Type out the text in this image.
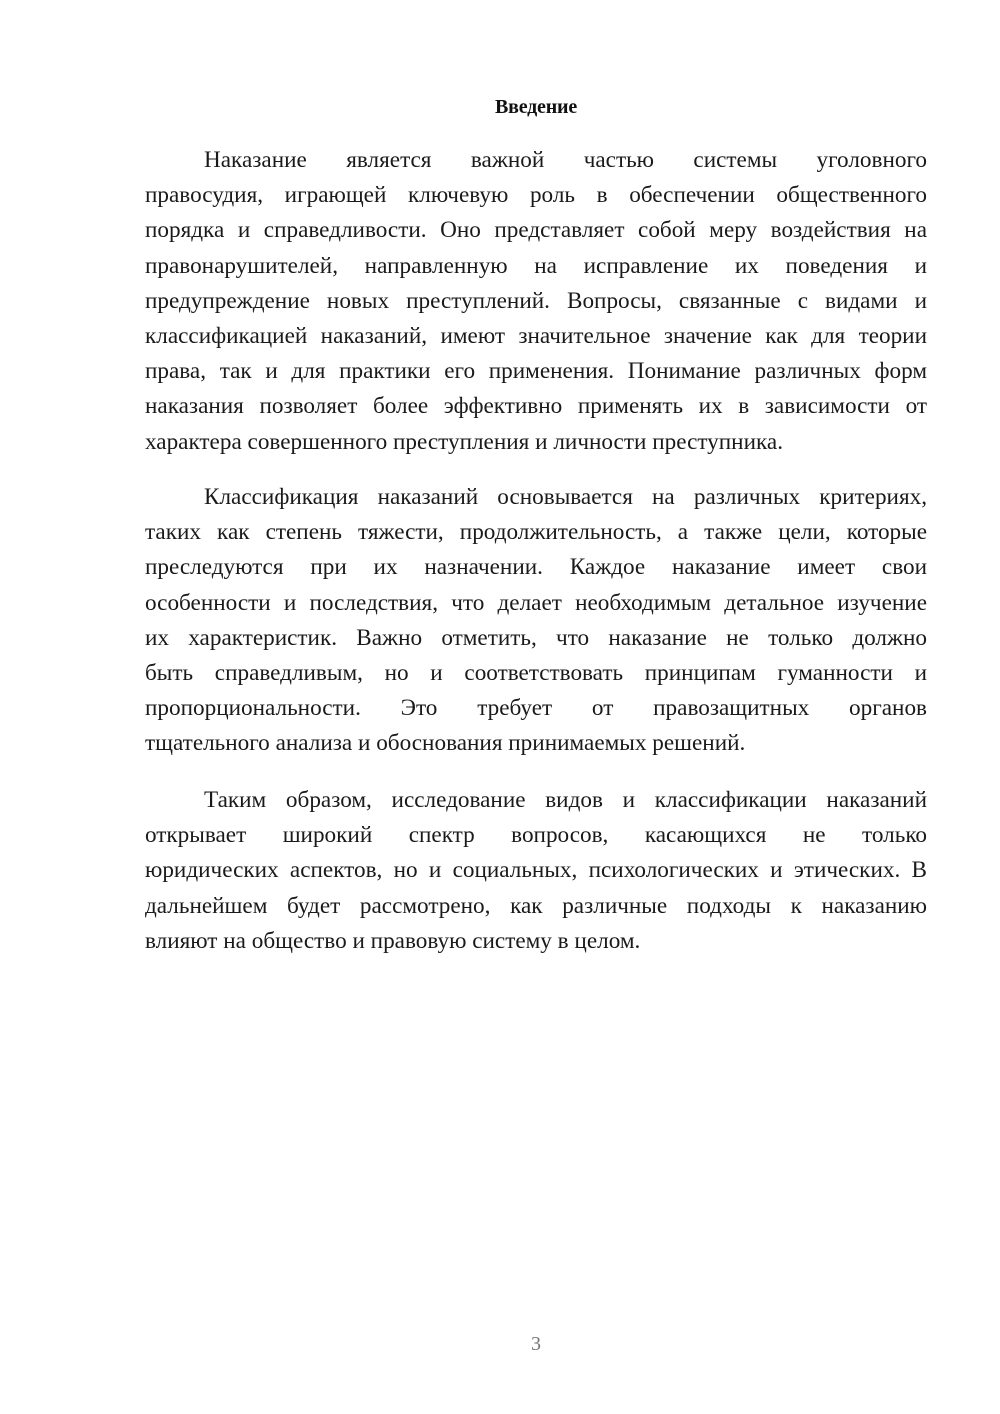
Введение
Наказание является важной частью системы уголовного
правосудия, играющей ключевую роль в обеспечении общественного
порядка и справедливости. Оно представляет собой меру воздействия на
правонарушителей, направленную на исправление их поведения и
предупреждение новых преступлений. Вопросы, связанные с видами и
классификацией наказаний, имеют значительное значение как для теории
права, так и для практики его применения. Понимание различных форм
наказания позволяет более эффективно применять их в зависимости от
характера совершенного преступления и личности преступника.
Классификация наказаний основывается на различных критериях,
таких как степень тяжести, продолжительность, а также цели, которые
преследуются при их назначении. Каждое наказание имеет свои
особенности и последствия, что делает необходимым детальное изучение
их характеристик. Важно отметить, что наказание не только должно
быть справедливым, но и соответствовать принципам гуманности и
пропорциональности. Это требует от правозащитных органов
тщательного анализа и обоснования принимаемых решений.
Таким образом, исследование видов и классификации наказаний
открывает широкий спектр вопросов, касающихся не только
юридических аспектов, но и социальных, психологических и этических. В
дальнейшем будет рассмотрено, как различные подходы к наказанию
влияют на общество и правовую систему в целом.
3
